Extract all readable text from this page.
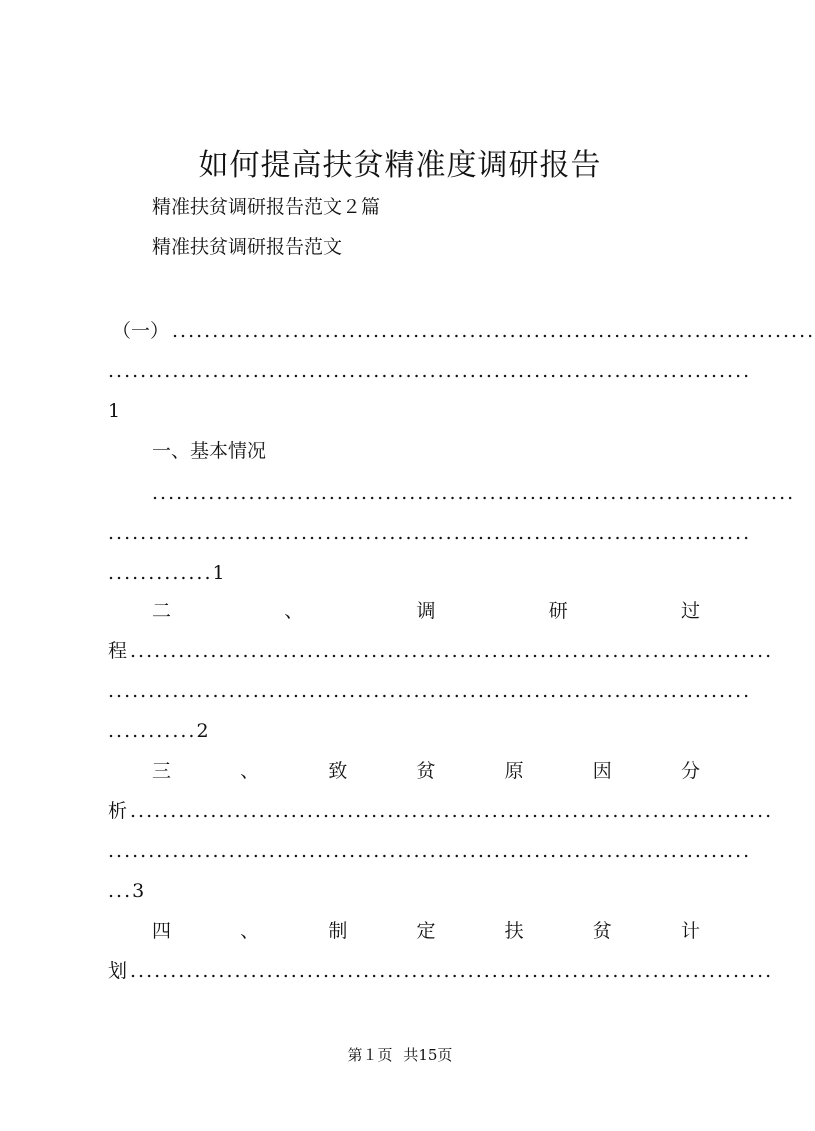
如何提高扶贫精准度调研报告
精准扶贫调研报告范文２篇
精准扶贫调研报告范文
（一） ................................................................................
................................................................................
1
一、基本情况
................................................................................
................................................................................
.............1
二	、	调	研	过
程 ................................................................................
................................................................................
...........2
三	、	致	贫	原	因	分
析 ................................................................................
................................................................................
...3
四	、	制	定	扶	贫	计
划 ................................................................................
第１页 共15页
